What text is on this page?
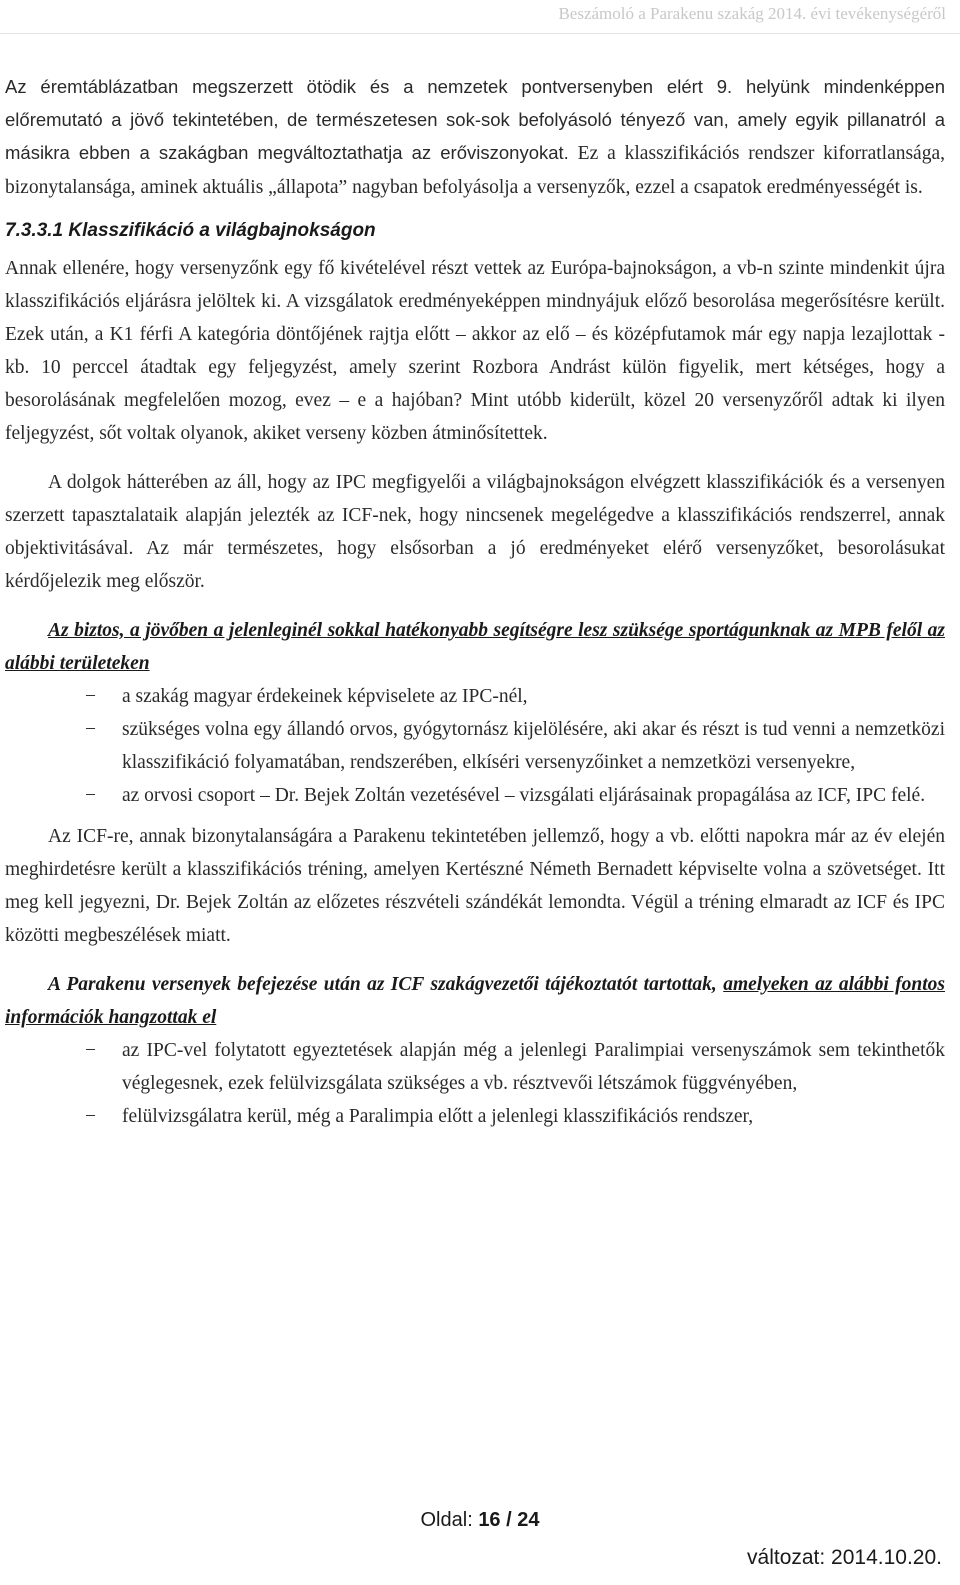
Beszámoló a Parakenu szakág 2014. évi tevékenységéről

Az éremtáblázatban megszerzett ötödik és a nemzetek pontversenyben elért 9. helyünk mindenképpen előremutató a jövő tekintetében, de természetesen sok-sok befolyásoló tényező van, amely egyik pillanatról a másikra ebben a szakágban megváltoztathatja az erőviszonyokat. Ez a klasszifikációs rendszer kiforratlansága, bizonytalansága, aminek aktuális „állapota” nagyban befolyásolja a versenyzők, ezzel a csapatok eredményességét is.

7.3.3.1 Klasszifikáció a világbajnokságon

Annak ellenére, hogy versenyzőnk egy fő kivételével részt vettek az Európa-bajnokságon, a vb-n szinte mindenkit újra klasszifikációs eljárásra jelöltek ki. A vizsgálatok eredményeképpen mindnyájuk előző besorolása megerősítésre került. Ezek után, a K1 férfi A kategória döntőjének rajtja előtt – akkor az elő – és középfutamok már egy napja lezajlottak - kb. 10 perccel átadtak egy feljegyzést, amely szerint Rozbora Andrást külön figyelik, mert kétséges, hogy a besorolásának megfelelően mozog, evez – e a hajóban? Mint utóbb kiderült, közel 20 versenyzőről adtak ki ilyen feljegyzést, sőt voltak olyanok, akiket verseny közben átminősítettek.

A dolgok hátterében az áll, hogy az IPC megfigyelői a világbajnokságon elvégzett klasszifikációk és a versenyen szerzett tapasztalataik alapján jelezték az ICF-nek, hogy nincsenek megelégedve a klasszifikációs rendszerrel, annak objektivitásával. Az már természetes, hogy elsősorban a jó eredményeket elérő versenyzőket, besorolásukat kérdőjelezik meg először.

Az biztos, a jövőben a jelenleginél sokkal hatékonyabb segítségre lesz szüksége sportágunknak az MPB felől az alábbi területeken

− a szakág magyar érdekeinek képviselete az IPC-nél,
− szükséges volna egy állandó orvos, gyógytornász kijelölésére, aki akar és részt is tud venni a nemzetközi klasszifikáció folyamatában, rendszerében, elkíséri versenyzőinket a nemzetközi versenyekre,
− az orvosi csoport – Dr. Bejek Zoltán vezetésével – vizsgálati eljárásainak propagálása az ICF, IPC felé.

Az ICF-re, annak bizonytalanságára a Parakenu tekintetében jellemző, hogy a vb. előtti napokra már az év elején meghirdetésre került a klasszifikációs tréning, amelyen Kertészné Németh Bernadett képviselte volna a szövetséget. Itt meg kell jegyezni, Dr. Bejek Zoltán az előzetes részvételi szándékát lemondta. Végül a tréning elmaradt az ICF és IPC közötti megbeszélések miatt.

A Parakenu versenyek befejezése után az ICF szakágvezetői tájékoztatót tartottak, amelyeken az alábbi fontos információk hangzottak el

− az IPC-vel folytatott egyeztetések alapján még a jelenlegi Paralimpiai versenyszámok sem tekinthetők véglegesnek, ezek felülvizsgálata szükséges a vb. résztvevői létszámok függvényében,
− felülvizsgálatra kerül, még a Paralimpia előtt a jelenlegi klasszifikációs rendszer,
Oldal: 16 / 24
változat: 2014.10.20.
